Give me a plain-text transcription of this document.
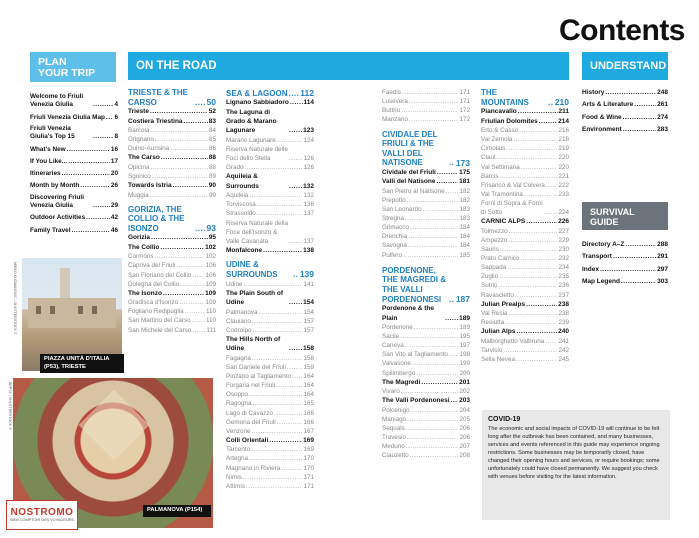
Contents
PLAN
YOUR TRIP
ON THE ROAD	UNDERSTAND
SURVIVAL
GUIDE
Welcome to Friuli Venezia Giulia .....	4
Friuli Venezia Giulia Map ..... 6
Friuli Venezia Giulia's Top 15 .....	8
What's New .....	16
If You Like... .....	17
Itineraries .....	20
Month by Month .....	26
Discovering Friuli Venezia Giulia .....	29
Outdoor Activities .....	42
Family Travel .....	46
PIAZZA UNITÀ D'ITALIA (P53), TRIESTE
MIRKO KUZMANOVIC / SHUTTERSTOCK ©
PALMANOVA (P154)
BEPSY / SHUTTERSTOCK ©
NOSTROMO
WEB COMPTOIR DES VOYAGEURS
TRIESTE & THE CARSO .....	50
Trieste .....	52
Costiera Triestina .....	83
Barcola .....	84
Grignano .....	85
Duino-Aurisina .....	86
The Carso .....	88
Opicina .....	88
Sgonico .....	89
Towards Istria .....	90
Muggia .....	90
GORIZIA, THE COLLIO & THE ISONZO .....	93
Gorizia .....	95
The Collio .....	102
Cormòns .....	102
Capriva del Friuli .....	106
San Floriano del Collio ..... 106
Dolegna del Collio .....	109
The Isonzo .....	109
Gradisca d'Isonzo .....	109
Fogliano Redipuglia .....	110
San Martino del Carso ..... 110
San Michele del Carso ..... 111
SEA & LAGOON ..... 112
Lignano Sabbiadoro ..... 114
The Laguna di Grado & Marano Lagunare .....	123
Marano Lagunare .....	124
Riserva Naturale delle Foci dello Stella .....	126
Grado .....	126
Aquileia & Surrounds .....	132
Aquileia .....	132
Torviscosa .....	136
Strassoldo .....	137
Riserva Naturale della Foce dell'Isonzo & Valle Cavanata .....	137
Monfalcone .....	138
UDINE & SURROUNDS .....	139
Udine .....	141
The Plain South of Udine .....	154
Palmanova .....	154
Clauiano .....	157
Codroipo .....	157
The Hills North of Udine .....	158
Fagagna .....	158
San Daniele del Friuli .....	159
Pinzano al Tagliamento ..... 164
Forgaria nel Friuli .....	164
Osoppo .....	164
Ragogna .....	165
Lago di Cavazzo .....	166
Gemona del Friuli .....	166
Venzone .....	167
Colli Orientali .....	169
Tarcento .....	169
Artegna .....	170
Magnano in Riviera .....	170
Nimis .....	171
Attimis .....	171
Faedis .....	171
Lusevera .....	171
Buttrio .....	172
Manzano .....	172
CIVIDALE DEL FRIULI & THE VALLI DEL NATISONE .....	173
Cividale del Friuli .....	175
Valli del Natisone .....	181
San Pietro al Natisone ..... 182
Prepotto .....	182
San Leonardo .....	183
Stregna .....	183
Grimacco .....	184
Drenchia .....	184
Savogna .....	184
Pulfero .....	185
PORDENONE, THE MAGREDI & THE VALLI PORDENONESI .....	187
Pordenone & the Plain .....	189
Pordenone .....	189
Sacile .....	195
Caneva .....	197
San Vito al Tagliamento ..... 198
Valvasone .....	199
Spilimbergo .....	200
The Magredi .....	201
Vivaro .....	202
The Valli Pordenonesi ..... 203
Polcenigo .....	204
Maniago .....	205
Sequals .....	206
Travesio .....	206
Meduno .....	207
Clauzetto .....	208
THE MOUNTAINS .....	210
Piancavallo .....	211
Friulian Dolomites .....	214
Erto & Casso .....	216
Val Zemola .....	218
Cimolais .....	219
Claut .....	220
Val Settimana .....	220
Barcis .....	221
Frisanco & Val Colvera ..... 222
Val Tramontina .....	223
Forni di Sopra & Forni di Sotto .....	224
CARNIC ALPS .....	226
Tolmezzo .....	227
Ampezzo .....	229
Sauris .....	230
Prato Carnico .....	232
Sappada .....	234
Zuglio .....	235
Sutrio .....	236
Ravascletto .....	237
Julian Prealps .....	238
Val Resia .....	238
Resiutta .....	239
Julian Alps .....	240
Malborghetto Valbruna ..... 241
Tarvisio .....	242
Sella Nevea .....	245
History .....	248
Arts & Literature .....	261
Food & Wine .....	274
Environment .....	283
Directory A–Z .....	288
Transport .....	291
Index .....	297
Map Legend .....	303
COVID-19
The economic and social impacts of COVID-19 will continue to be felt long after the outbreak has been contained, and many businesses, services and events referenced in this guide may experience ongoing restrictions. Some businesses may be temporarily closed, have changed their opening hours and services, or require bookings; some unfortunately could have closed permanently. We suggest you check with venues before visiting for the latest information.
